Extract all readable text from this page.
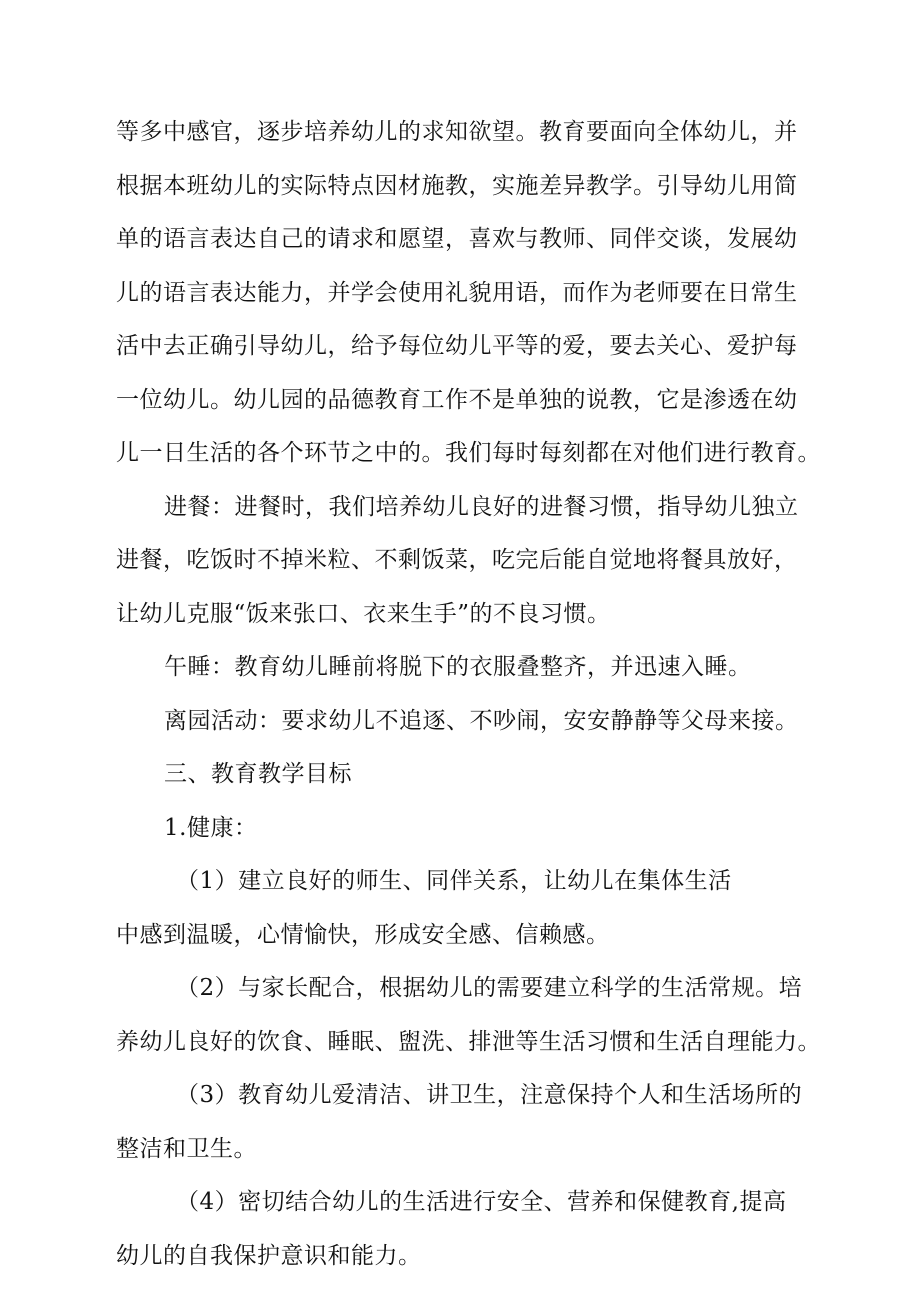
等多中感官，逐步培养幼儿的求知欲望。教育要面向全体幼儿，并
根据本班幼儿的实际特点因材施教，实施差异教学。引导幼儿用简
单的语言表达自己的请求和愿望，喜欢与教师、同伴交谈，发展幼
儿的语言表达能力，并学会使用礼貌用语，而作为老师要在日常生
活中去正确引导幼儿，给予每位幼儿平等的爱，要去关心、爱护每
一位幼儿。幼儿园的品德教育工作不是单独的说教，它是渗透在幼
儿一日生活的各个环节之中的。我们每时每刻都在对他们进行教育。
进餐：进餐时，我们培养幼儿良好的进餐习惯，指导幼儿独立
进餐，吃饭时不掉米粒、不剩饭菜，吃完后能自觉地将餐具放好，
让幼儿克服“饭来张口、衣来生手”的不良习惯。
午睡：教育幼儿睡前将脱下的衣服叠整齐，并迅速入睡。
离园活动：要求幼儿不追逐、不吵闹，安安静静等父母来接。
三、教育教学目标
1.健康：
（1）建立良好的师生、同伴关系，让幼儿在集体生活
中感到温暖，心情愉快，形成安全感、信赖感。
（2）与家长配合，根据幼儿的需要建立科学的生活常规。培
养幼儿良好的饮食、睡眠、盥洗、排泄等生活习惯和生活自理能力。
（3）教育幼儿爱清洁、讲卫生，注意保持个人和生活场所的
整洁和卫生。
（4）密切结合幼儿的生活进行安全、营养和保健教育,提高
幼儿的自我保护意识和能力。
